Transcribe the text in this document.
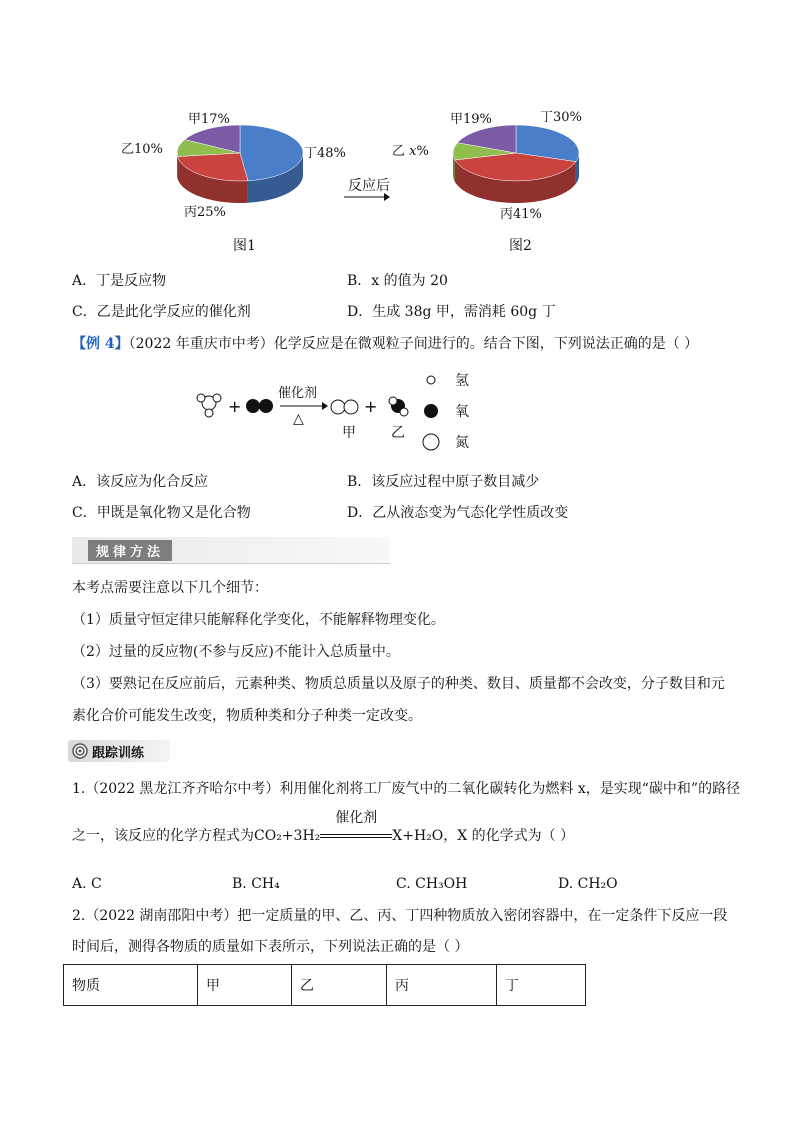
甲17%
乙10%	丁48%
丙25%
图1
反应后
甲19%	丁30%
乙 x%
丙41%
图2
A．丁是反应物	B．x 的值为 20
C．乙是此化学反应的催化剂	D．生成 38g 甲，需消耗 60g 丁
【例 4】（2022 年重庆市中考）化学反应是在微观粒子间进行的。结合下图，下列说法正确的是（ ）
+	+
催化剂
△
甲	乙
氢
氧
氮
A．该反应为化合反应	B．该反应过程中原子数目减少
C．甲既是氧化物又是化合物	D．乙从液态变为气态化学性质改变
规律方法
本考点需要注意以下几个细节：
（1）质量守恒定律只能解释化学变化，不能解释物理变化。
（2）过量的反应物(不参与反应)不能计入总质量中。
（3）要熟记在反应前后，元素种类、物质总质量以及原子的种类、数目、质量都不会改变，分子数目和元
素化合价可能发生改变，物质种类和分子种类一定改变。
跟踪训练
1.（2022 黑龙江齐齐哈尔中考）利用催化剂将工厂废气中的二氧化碳转化为燃料 x，是实现“碳中和”的路径
之一，该反应的化学方程式为CO₂+3H₂
催化剂
X+H₂O，X 的化学式为（ ）
A. C	B. CH₄	C. CH₃OH	D. CH₂O
2.（2022 湖南邵阳中考）把一定质量的甲、乙、丙、丁四种物质放入密闭容器中，在一定条件下反应一段
时间后，测得各物质的质量如下表所示，下列说法正确的是（ ）
物质	甲	乙	丙	丁
